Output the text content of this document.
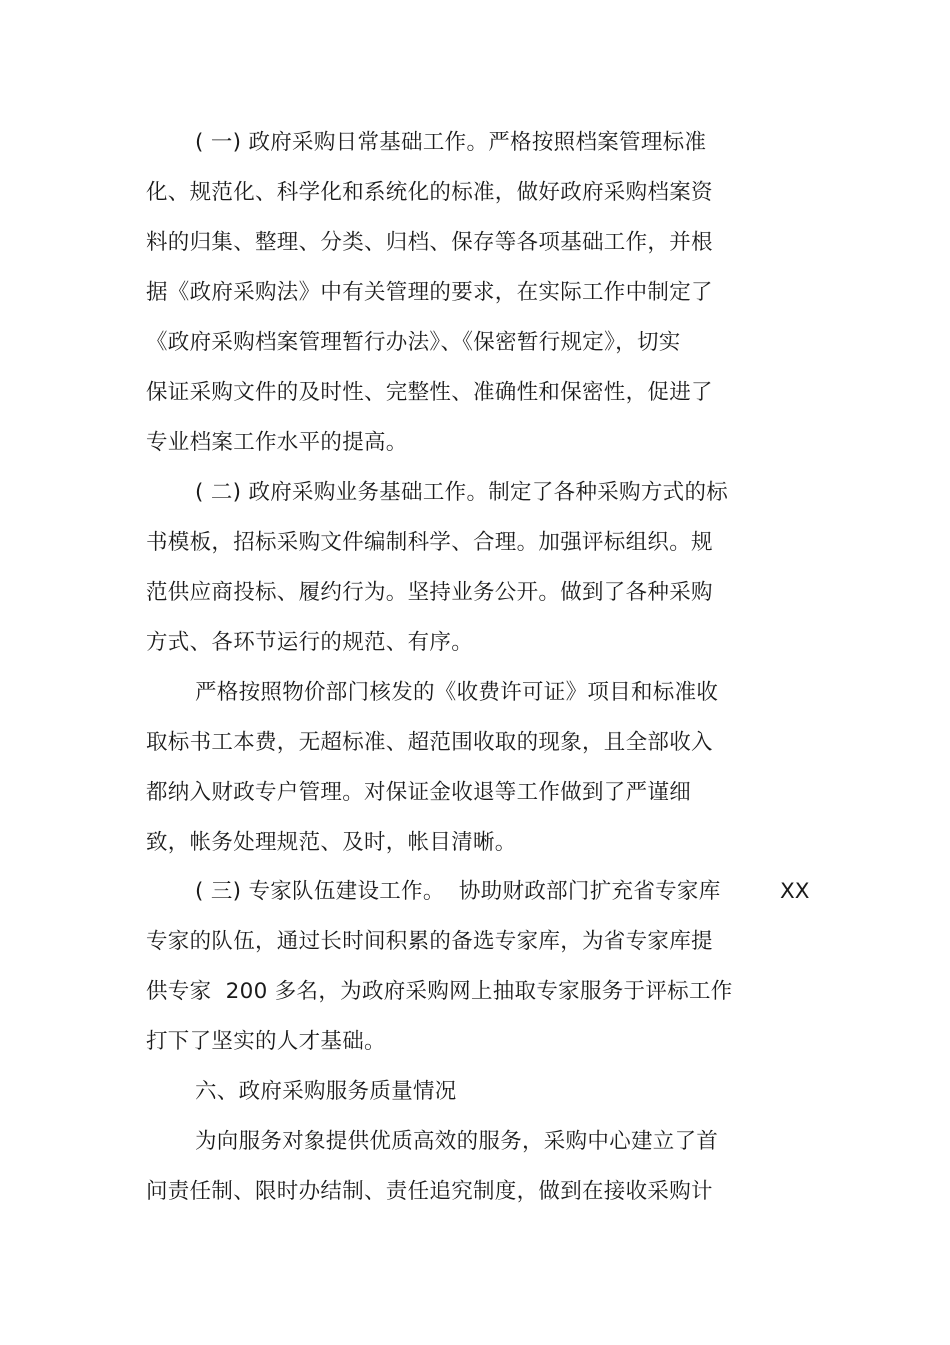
( 一) 政府采购日常基础工作。严格按照档案管理标准
化、规范化、科学化和系统化的标准，做好政府采购档案资
料的归集、整理、分类、归档、保存等各项基础工作，并根
据《政府采购法》中有关管理的要求，在实际工作中制定了
《政府采购档案管理暂行办法》、《保密暂行规定》，切实
保证采购文件的及时性、完整性、准确性和保密性，促进了
专业档案工作水平的提高。
( 二) 政府采购业务基础工作。制定了各种采购方式的标
书模板，招标采购文件编制科学、合理。加强评标组织。规
范供应商投标、履约行为。坚持业务公开。做到了各种采购
方式、各环节运行的规范、有序。
严格按照物价部门核发的《收费许可证》项目和标准收
取标书工本费，无超标准、超范围收取的现象，且全部收入
都纳入财政专户管理。对保证金收退等工作做到了严谨细
致，帐务处理规范、及时，帐目清晰。
( 三) 专家队伍建设工作。  协助财政部门扩充省专家库	XX
专家的队伍，通过长时间积累的备选专家库，为省专家库提
供专家  200 多名，为政府采购网上抽取专家服务于评标工作
打下了坚实的人才基础。
六、政府采购服务质量情况
为向服务对象提供优质高效的服务，采购中心建立了首
问责任制、限时办结制、责任追究制度，做到在接收采购计
